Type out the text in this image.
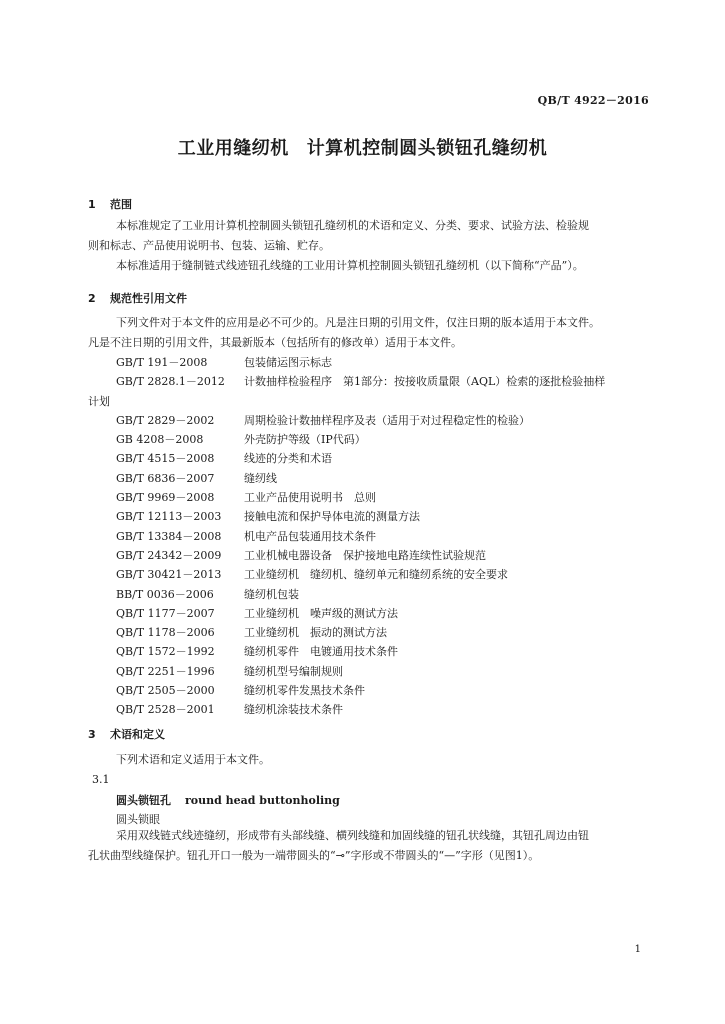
QB/T 4922－2016
工业用缝纫机 计算机控制圆头锁钮孔缝纫机
1 范围

本标准规定了工业用计算机控制圆头锁钮孔缝纫机的术语和定义、分类、要求、试验方法、检验规

则和标志、产品使用说明书、包装、运输、贮存。

本标准适用于缝制链式线迹钮孔线缝的工业用计算机控制圆头锁钮孔缝纫机（以下简称“产品”）。

2 规范性引用文件

下列文件对于本文件的应用是必不可少的。凡是注日期的引用文件，仅注日期的版本适用于本文件。

凡是不注日期的引用文件，其最新版本（包括所有的修改单）适用于本文件。

GB/T 191－2008	包装储运图示标志
GB/T 2828.1－2012 计数抽样检验程序　第1部分：按接收质量限（AQL）检索的逐批检验抽样
计划
GB/T 2829－2002	周期检验计数抽样程序及表（适用于对过程稳定性的检验）
GB 4208－2008	外壳防护等级（IP代码）
GB/T 4515－2008	线迹的分类和术语
GB/T 6836－2007	缝纫线
GB/T 9969－2008	工业产品使用说明书　总则
GB/T 12113－2003 接触电流和保护导体电流的测量方法
GB/T 13384－2008 机电产品包装通用技术条件
GB/T 24342－2009 工业机械电器设备　保护接地电路连续性试验规范
GB/T 30421－2013 工业缝纫机　缝纫机、缝纫单元和缝纫系统的安全要求
BB/T 0036－2006	缝纫机包装
QB/T 1177－2007	工业缝纫机　噪声级的测试方法
QB/T 1178－2006	工业缝纫机　振动的测试方法
QB/T 1572－1992	缝纫机零件　电镀通用技术条件
QB/T 2251－1996	缝纫机型号编制规则
QB/T 2505－2000	缝纫机零件发黑技术条件
QB/T 2528－2001	缝纫机涂装技术条件
3 术语和定义

下列术语和定义适用于本文件。

3.1
圆头锁钮孔 round head buttonholing
圆头锁眼

采用双线链式线迹缝纫，形成带有头部线缝、横列线缝和加固线缝的钮孔状线缝，其钮孔周边由钮

孔状曲型线缝保护。钮孔开口一般为一端带圆头的“⊸”字形或不带圆头的“—”字形（见图1）。

1
